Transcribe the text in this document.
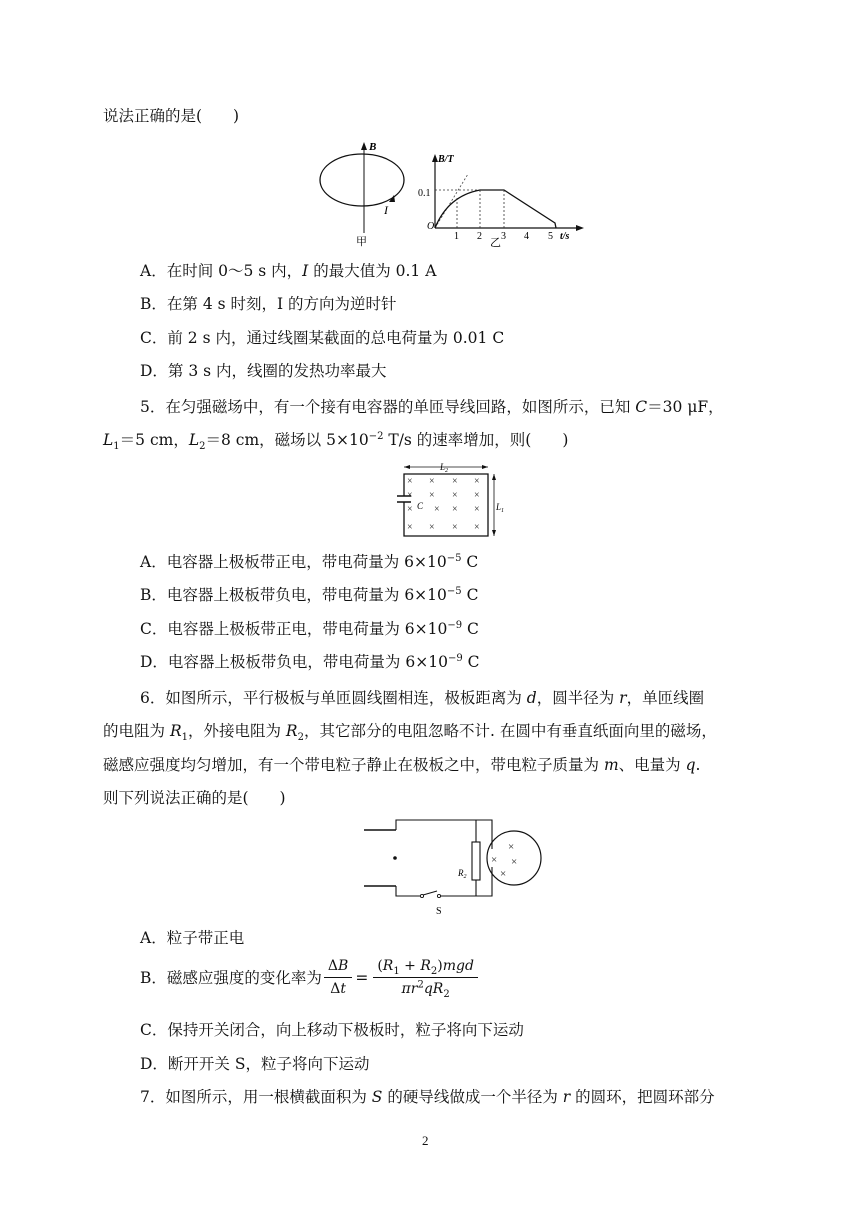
说法正确的是(　　)
B
I
甲
B/T
0.1
O
1 2 3 4 5 t/s
乙
A．在时间 0～5 s 内，I 的最大值为 0.1 A
B．在第 4 s 时刻，I 的方向为逆时针
C．前 2 s 内，通过线圈某截面的总电荷量为 0.01 C
D．第 3 s 内，线圈的发热功率最大
5．在匀强磁场中，有一个接有电容器的单匝导线回路，如图所示，已知 C＝30 μF，
$L_1=5$ cm，$L_2=8$ cm，磁场以 $5\times 10^{-2}$ T/s 的速率增加，则(　　)
$L_2$
$L_1$
C
× × × ×
× × × ×
× × × ×
× × × ×
A．电容器上极板带正电，带电荷量为 $6\times 10^{-5}$ C
B．电容器上极板带负电，带电荷量为 $6\times 10^{-5}$ C
C．电容器上极板带正电，带电荷量为 $6\times 10^{-9}$ C
D．电容器上极板带负电，带电荷量为 $6\times 10^{-9}$ C
6．如图所示，平行极板与单匝圆线圈相连，极板距离为 d，圆半径为 r，单匝线圈
的电阻为 $R_1$，外接电阻为 $R_2$，其它部分的电阻忽略不计. 在圆中有垂直纸面向里的磁场，
磁感应强度均匀增加，有一个带电粒子静止在极板之中，带电粒子质量为 m、电量为 q.
则下列说法正确的是(　　)
S
$R_2$
×
× ×
×
A．粒子带正电
B．磁感应强度的变化率为 $\frac{\Delta B}{\Delta t} = \frac{(R_1 + R_2)mgd}{\pi r^2qR_2}$
C．保持开关闭合，向上移动下极板时，粒子将向下运动
D．断开开关 S，粒子将向下运动
7．如图所示，用一根横截面积为 S 的硬导线做成一个半径为 r 的圆环，把圆环部分
2
